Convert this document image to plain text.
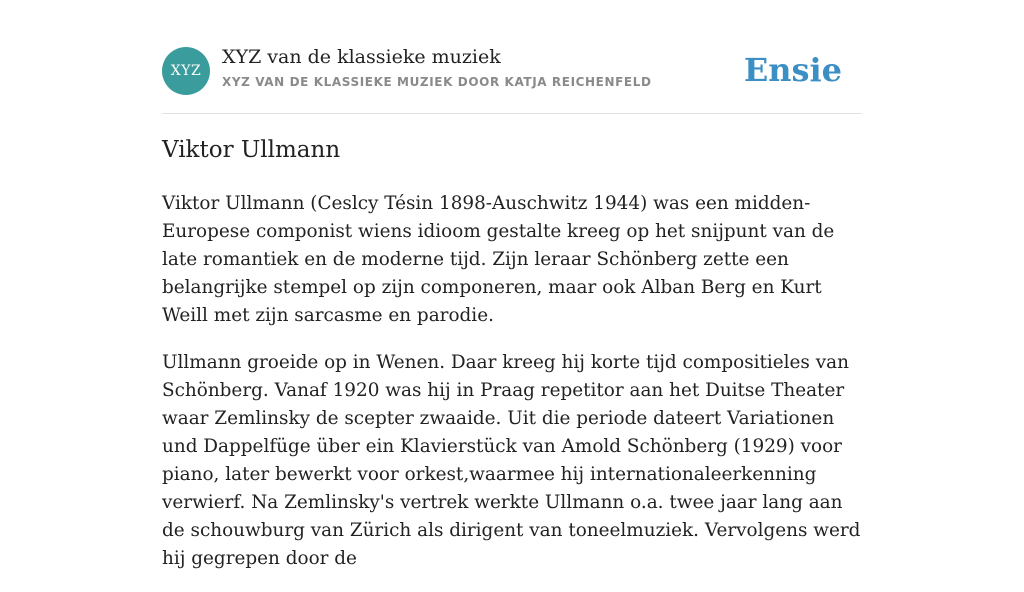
XYZ
XYZ van de klassieke muziek
XYZ VAN DE KLASSIEKE MUZIEK DOOR KATJA REICHENFELD	Ensie
Viktor Ullmann

Viktor Ullmann (Ceslcy Tésin 1898-Auschwitz 1944) was een midden-Europese componist wiens idioom gestalte kreeg op het snijpunt van de late romantiek en de moderne tijd. Zijn leraar Schönberg zette een belangrijke stempel op zijn componeren, maar ook Alban Berg en Kurt Weill met zijn sarcasme en parodie.

Ullmann groeide op in Wenen. Daar kreeg hij korte tijd compositieles van Schönberg. Vanaf 1920 was hij in Praag repetitor aan het Duitse Theater waar Zemlinsky de scepter zwaaide. Uit die periode dateert Variationen und Dappelfüge über ein Klavierstück van Amold Schönberg (1929) voor piano, later bewerkt voor orkest,waarmee hij internationaleerkenning verwierf. Na Zemlinsky's vertrek werkte Ullmann o.a. twee jaar lang aan de schouwburg van Zürich als dirigent van toneelmuziek. Vervolgens werd hij gegrepen door de
